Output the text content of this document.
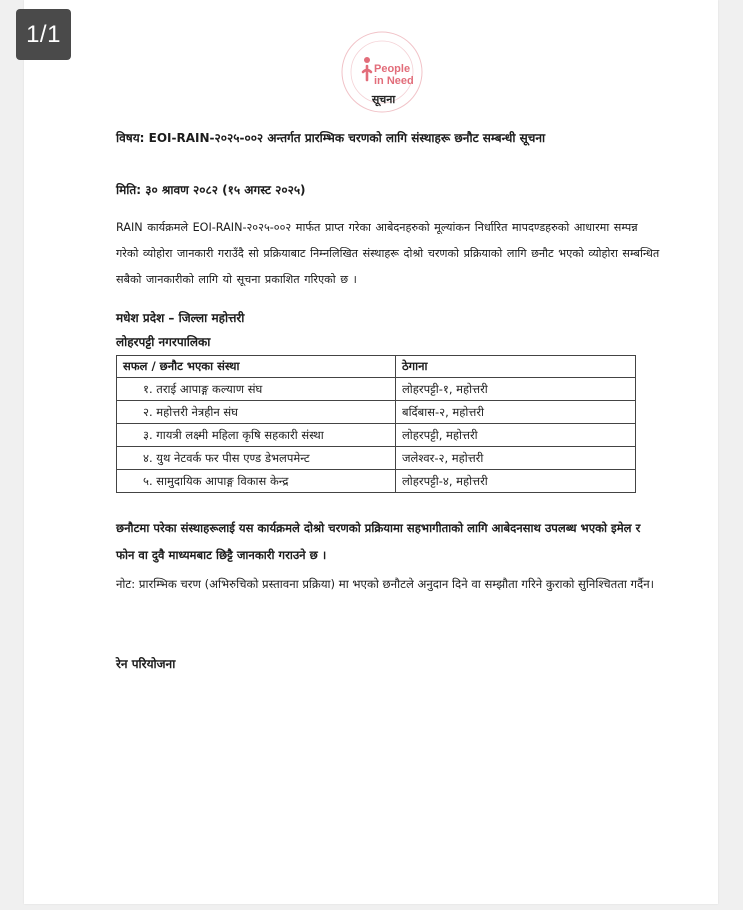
1/1
People
in Need
सूचना
विषय: EOI-RAIN-२०२५-००२ अन्तर्गत प्रारम्भिक चरणको लागि संस्थाहरू छनौट सम्बन्धी सूचना
मिति: ३० श्रावण २०८२ (१५ अगस्ट २०२५)
RAIN कार्यक्रमले EOI-RAIN-२०२५-००२ मार्फत प्राप्त गरेका आबेदनहरुको मूल्यांकन निर्धारित मापदण्डहरुको आधारमा सम्पन्न गरेको व्योहोरा जानकारी गराउँदै सो प्रक्रियाबाट निम्नलिखित संस्थाहरू दोश्रो चरणको प्रक्रियाको लागि छनौट भएको व्योहोरा सम्बन्धित सबैको जानकारीको लागि यो सूचना प्रकाशित गरिएको छ ।
मधेश प्रदेश – जिल्ला महोत्तरी
लोहरपट्टी नगरपालिका
सफल / छनौट भएका संस्था	ठेगाना
१. तराई आपाङ्ग कल्याण संघ	लोहरपट्टी-१, महोत्तरी
२. महोत्तरी नेत्रहीन संघ	बर्दिबास-२, महोत्तरी
३. गायत्री लक्ष्मी महिला कृषि सहकारी संस्था	लोहरपट्टी, महोत्तरी
४. युथ नेटवर्क फर पीस एण्ड डेभलपमेन्ट	जलेश्वर-२, महोत्तरी
५. सामुदायिक आपाङ्ग विकास केन्द्र	लोहरपट्टी-४, महोत्तरी
छनौटमा परेका संस्थाहरूलाई यस कार्यक्रमले दोश्रो चरणको प्रक्रियामा सहभागीताको लागि आबेदनसाथ उपलब्ध भएको इमेल र फोन वा दुवै माध्यमबाट छिट्टै जानकारी गराउने छ ।
नोट: प्रारम्भिक चरण (अभिरुचिको प्रस्तावना प्रक्रिया) मा भएको छनौटले अनुदान दिने वा सम्झौता गरिने कुराको सुनिश्चितता गर्दैन।
रेन परियोजना
